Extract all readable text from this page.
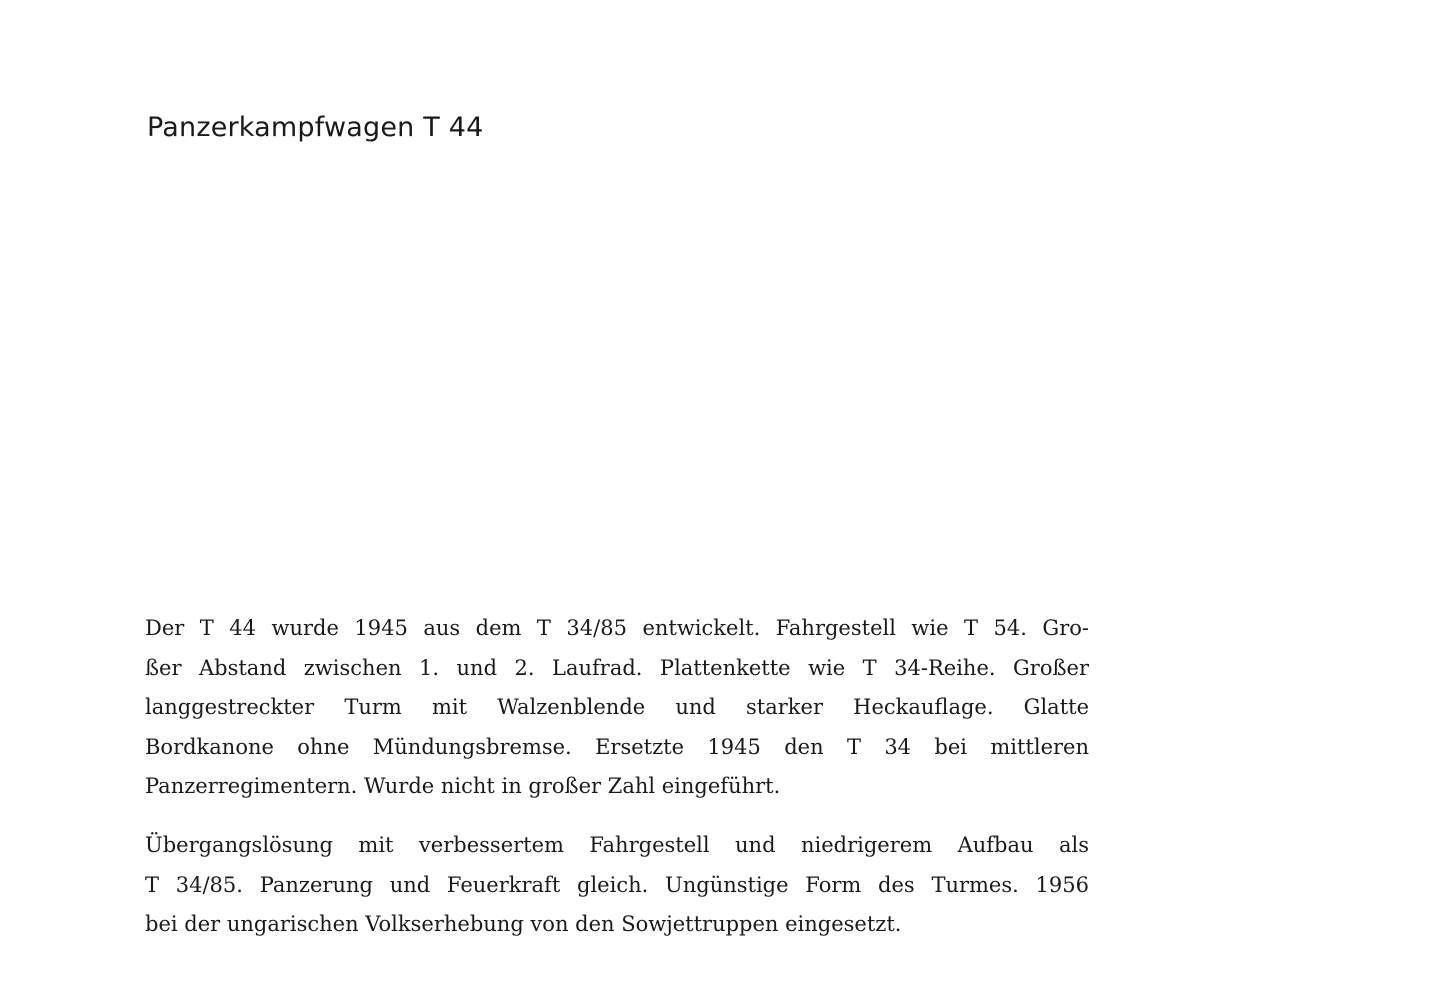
Panzerkampfwagen T 44

Der T 44 wurde 1945 aus dem T 34/85 entwickelt. Fahrgestell wie T 54. Gro-
ßer Abstand zwischen 1. und 2. Laufrad. Plattenkette wie T 34-Reihe. Großer
langgestreckter Turm mit Walzenblende und starker Heckauflage. Glatte
Bordkanone ohne Mündungsbremse. Ersetzte 1945 den T 34 bei mittleren
Panzerregimentern. Wurde nicht in großer Zahl eingeführt.

Übergangslösung mit verbessertem Fahrgestell und niedrigerem Aufbau als
T 34/85. Panzerung und Feuerkraft gleich. Ungünstige Form des Turmes. 1956
bei der ungarischen Volkserhebung von den Sowjettruppen eingesetzt.
